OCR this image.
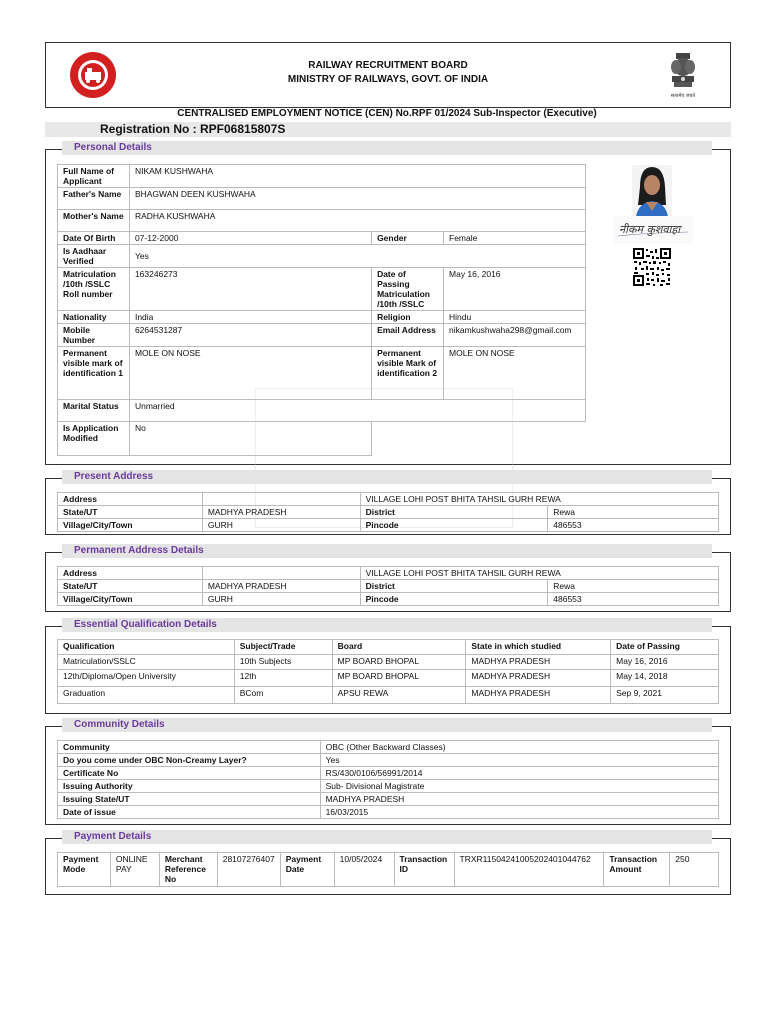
RAILWAY RECRUITMENT BOARD
MINISTRY OF RAILWAYS, GOVT. OF INDIA
सत्यमेव जयते
CENTRALISED EMPLOYMENT NOTICE (CEN) No.RPF 01/2024 Sub-Inspector (Executive)
Registration No : RPF06815807S
Personal Details
Full Name of Applicant	NIKAM KUSHWAHA		
Father's Name	BHAGWAN DEEN KUSHWAHA		
Mother's Name	RADHA KUSHWAHA		
Date Of Birth	07-12-2000	Gender	Female
Is Aadhaar Verified	Yes		
Matriculation /10th /SSLC Roll number	163246273	Date of Passing Matriculation /10th /SSLC	May 16, 2016
Nationality	India	Religion	Hindu
Mobile Number	6264531287	Email Address	nikamkushwaha298@gmail.com
Permanent visible mark of identification 1	MOLE ON NOSE	Permanent visible Mark of identification 2	MOLE ON NOSE
Marital Status	Unmarried		
Is Application Modified	No		
नीकम कुशवाहा
Present Address
Address		VILLAGE LOHI POST BHITA TAHSIL GURH REWA	
State/UT	MADHYA PRADESH	District	Rewa
Village/City/Town	GURH	Pincode	486553
Permanent Address Details
Address		VILLAGE LOHI POST BHITA TAHSIL GURH REWA	
State/UT	MADHYA PRADESH	District	Rewa
Village/City/Town	GURH	Pincode	486553
Essential Qualification Details
Qualification	Subject/Trade	Board	State in which studied	Date of Passing
Matriculation/SSLC	10th Subjects	MP BOARD BHOPAL	MADHYA PRADESH	May 16, 2016
12th/Diploma/Open University	12th	MP BOARD BHOPAL	MADHYA PRADESH	May 14, 2018
Graduation	BCom	APSU REWA	MADHYA PRADESH	Sep 9, 2021
Community Details
Community	OBC (Other Backward Classes)
Do you come under OBC Non-Creamy Layer?	Yes
Certificate No	RS/430/0106/56991/2014
Issuing Authority	Sub- Divisional Magistrate
Issuing State/UT	MADHYA PRADESH
Date of issue	16/03/2015
Payment Details
Payment Mode	ONLINE PAY	Merchant Reference No	28107276407	Payment Date	10/05/2024	Transaction ID	TRXR11504241005202401044762	Transaction Amount	250
